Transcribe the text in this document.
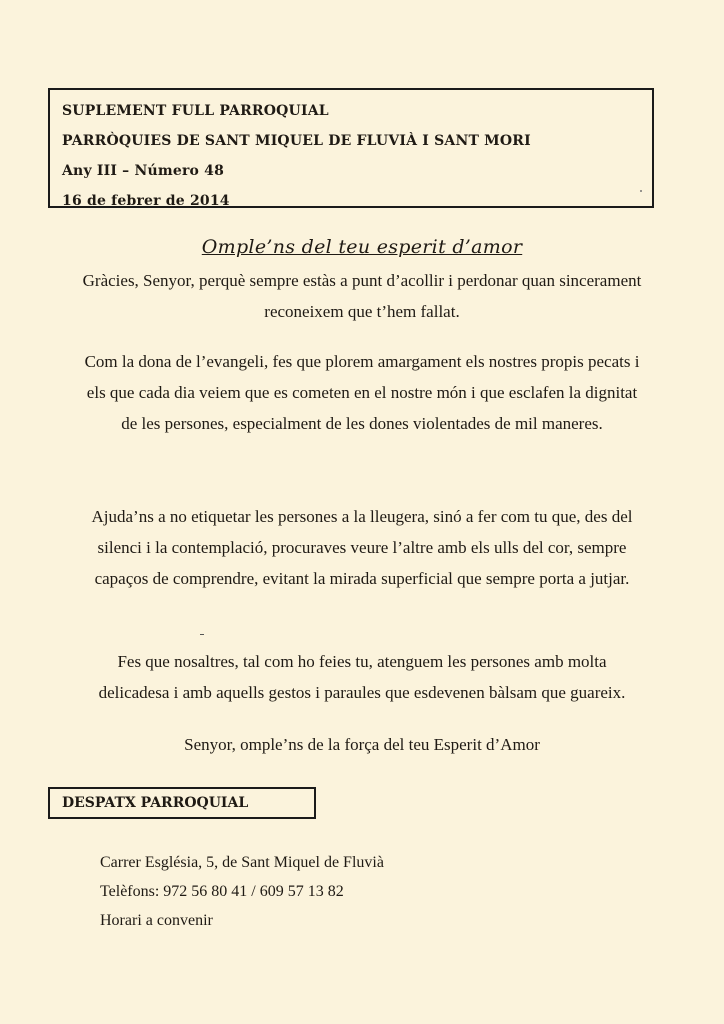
SUPLEMENT FULL PARROQUIAL
PARRÒQUIES DE SANT MIQUEL DE FLUVIÀ I SANT MORI
Any III – Número 48
16 de febrer de 2014
Omple’ns del teu esperit d’amor
Gràcies, Senyor, perquè sempre estàs a punt d’acollir i perdonar quan sincerament reconeixem que t’hem fallat.
Com la dona de l’evangeli, fes que plorem amargament els nostres propis pecats i els que cada dia veiem que es cometen en el nostre món i que esclafen la dignitat de les persones, especialment de les dones violentades de mil maneres.
Ajuda’ns a no etiquetar les persones a la lleugera, sinó a fer com tu que, des del silenci i la contemplació, procuraves veure l’altre amb els ulls del cor, sempre capaços de comprendre, evitant la mirada superficial que sempre porta a jutjar.
Fes que nosaltres, tal com ho feies tu, atenguem les persones amb molta delicadesa i amb aquells gestos i paraules que esdevenen bàlsam que guareix.
Senyor, omple’ns de la força del teu Esperit d’Amor
DESPATX PARROQUIAL
Carrer Església, 5, de Sant Miquel de Fluvià
Telèfons: 972 56 80 41 / 609 57 13 82
Horari a convenir
